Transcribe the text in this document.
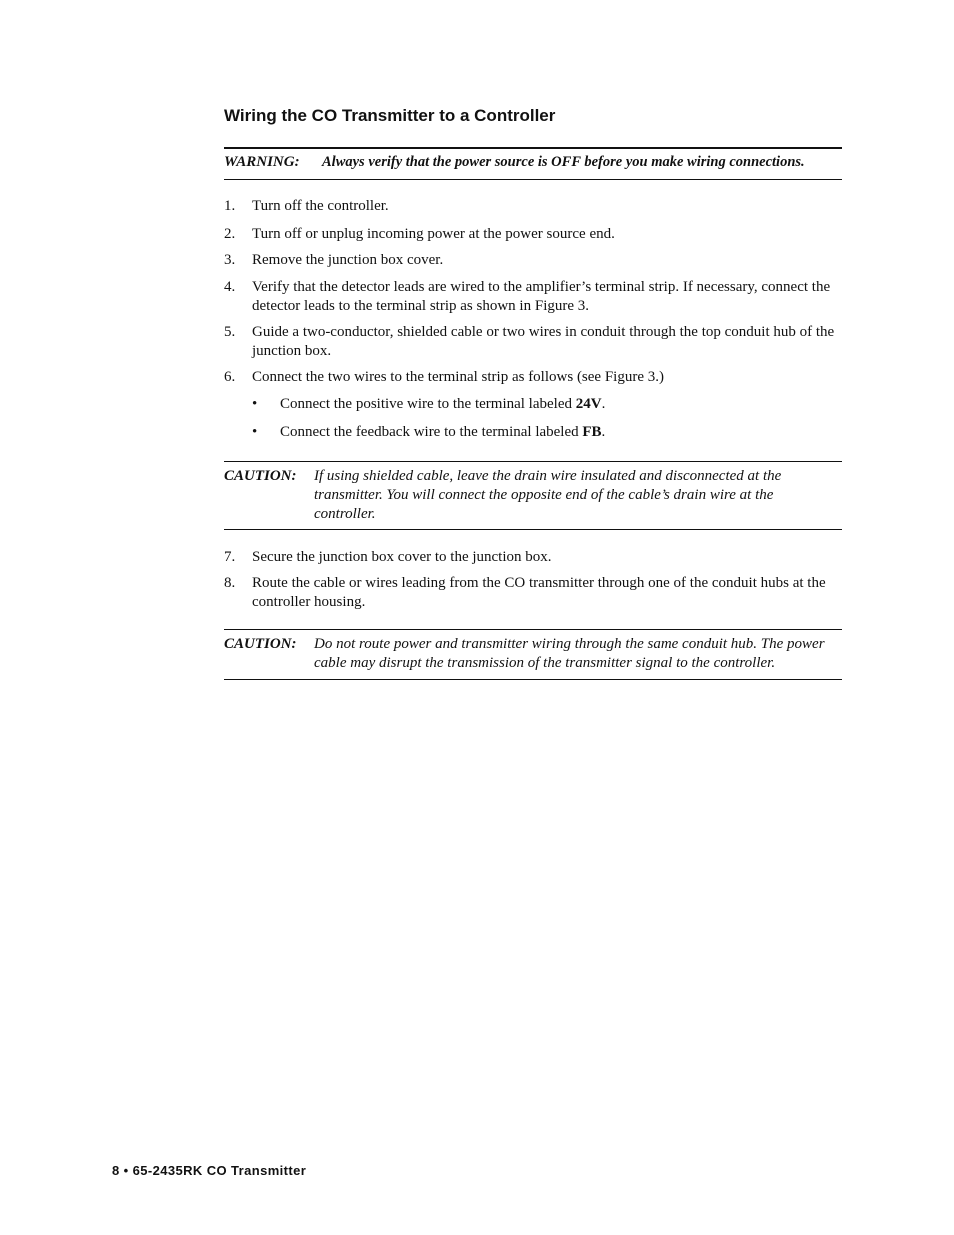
Wiring the CO Transmitter to a Controller
WARNING:	Always verify that the power source is OFF before you make wiring connections.
1.	Turn off the controller.
2.	Turn off or unplug incoming power at the power source end.
3.	Remove the junction box cover.
4.	Verify that the detector leads are wired to the amplifier’s terminal strip. If necessary, connect the detector leads to the terminal strip as shown in Figure 3.
5.	Guide a two-conductor, shielded cable or two wires in conduit through the top conduit hub of the junction box.
6.	Connect the two wires to the terminal strip as follows (see Figure 3.)
•	Connect the positive wire to the terminal labeled 24V.
•	Connect the feedback wire to the terminal labeled FB.
CAUTION:	If using shielded cable, leave the drain wire insulated and disconnected at the transmitter. You will connect the opposite end of the cable’s drain wire at the controller.
7.	Secure the junction box cover to the junction box.
8.	Route the cable or wires leading from the CO transmitter through one of the conduit hubs at the controller housing.
CAUTION:	Do not route power and transmitter wiring through the same conduit hub. The power cable may disrupt the transmission of the transmitter signal to the controller.
8 • 65-2435RK CO Transmitter
